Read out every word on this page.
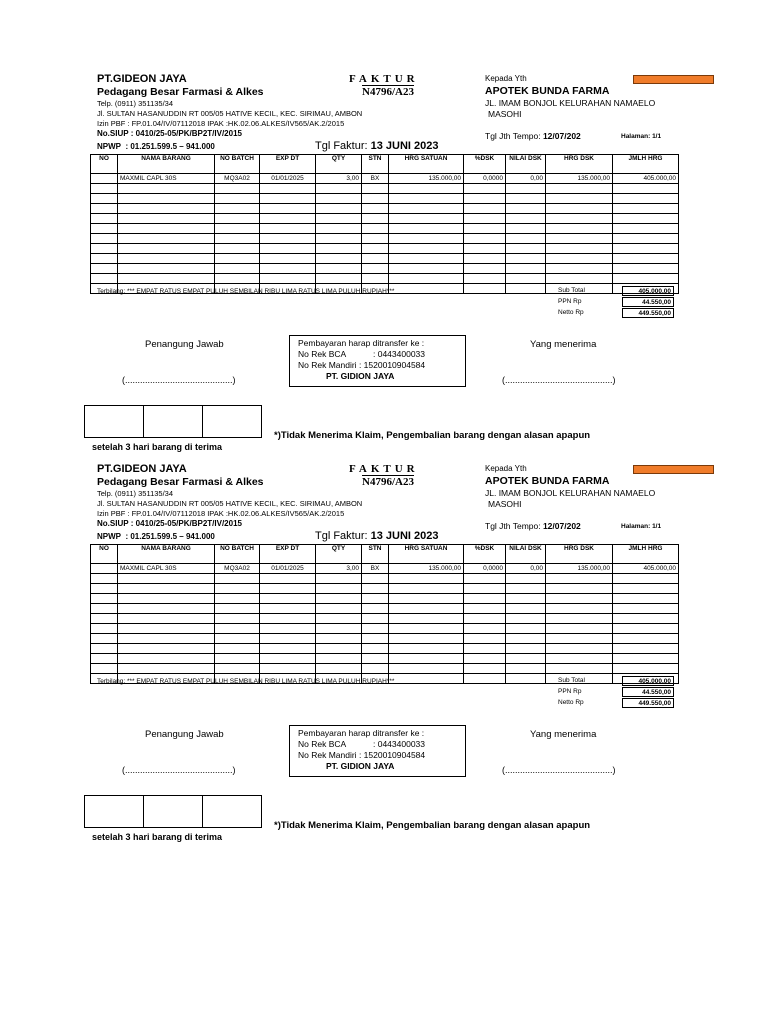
PT.GIDEON JAYA
Pedagang Besar Farmasi & Alkes
Telp. (0911) 351135/34
Jl. SULTAN HASANUDDIN RT 005/05 HATIVE KECIL, KEC. SIRIMAU, AMBON
Izin PBF : FP.01.04/IV/07112018 IPAK :HK.02.06.ALKES/IV565/AK.2/2015
No.SIUP : 0410/25-05/PK/BP2T/IV/2015
NPWP : 01.251.599.5 – 941.000
FAKTUR
N4796/A23
Tgl Faktur: 13 JUNI 2023
Kepada Yth
APOTEK BUNDA FARMA
JL. IMAM BONJOL KELURAHAN NAMAELO
MASOHI
Tgl Jth Tempo: 12/07/202	Halaman: 1/1
NO	NAMA BARANG	NO BATCH	EXP DT	QTY	STN	HRG SATUAN	%DSK	NILAI DSK	HRG DSK	JMLH HRG
	MAXMIL CAPL 30S	MQ3A02	01/01/2025	3,00	BX	135.000,00	0,0000	0,00	135.000,00	405.000,00

Terbilang: *** EMPAT RATUS EMPAT PULUH SEMBILAN RIBU LIMA RATUS LIMA PULUH RUPIAH***	Sub Total	405.000,00
PPN Rp	44.550,00
Netto Rp	449.550,00
Penangung Jawab
(...........................................)
Yang menerima
(...........................................)
Pembayaran harap ditransfer ke :
No Rek BCA	: 0443400033
No Rek Mandiri : 1520010904584
PT. GIDION JAYA
*)Tidak Menerima Klaim, Pengembalian barang dengan alasan apapun
setelah 3 hari barang di terima
PT.GIDEON JAYA
Pedagang Besar Farmasi & Alkes
Telp. (0911) 351135/34
Jl. SULTAN HASANUDDIN RT 005/05 HATIVE KECIL, KEC. SIRIMAU, AMBON
Izin PBF : FP.01.04/IV/07112018 IPAK :HK.02.06.ALKES/IV565/AK.2/2015
No.SIUP : 0410/25-05/PK/BP2T/IV/2015
NPWP : 01.251.599.5 – 941.000
FAKTUR
N4796/A23
Tgl Faktur: 13 JUNI 2023
Kepada Yth
APOTEK BUNDA FARMA
JL. IMAM BONJOL KELURAHAN NAMAELO
MASOHI
Tgl Jth Tempo: 12/07/202	Halaman: 1/1
NO	NAMA BARANG	NO BATCH	EXP DT	QTY	STN	HRG SATUAN	%DSK	NILAI DSK	HRG DSK	JMLH HRG
	MAXMIL CAPL 30S	MQ3A02	01/01/2025	3,00	BX	135.000,00	0,0000	0,00	135.000,00	405.000,00

Terbilang: *** EMPAT RATUS EMPAT PULUH SEMBILAN RIBU LIMA RATUS LIMA PULUH RUPIAH***	Sub Total	405.000,00
PPN Rp	44.550,00
Netto Rp	449.550,00
Penangung Jawab
(...........................................)
Yang menerima
(...........................................)
Pembayaran harap ditransfer ke :
No Rek BCA	: 0443400033
No Rek Mandiri : 1520010904584
PT. GIDION JAYA
*)Tidak Menerima Klaim, Pengembalian barang dengan alasan apapun
setelah 3 hari barang di terima
